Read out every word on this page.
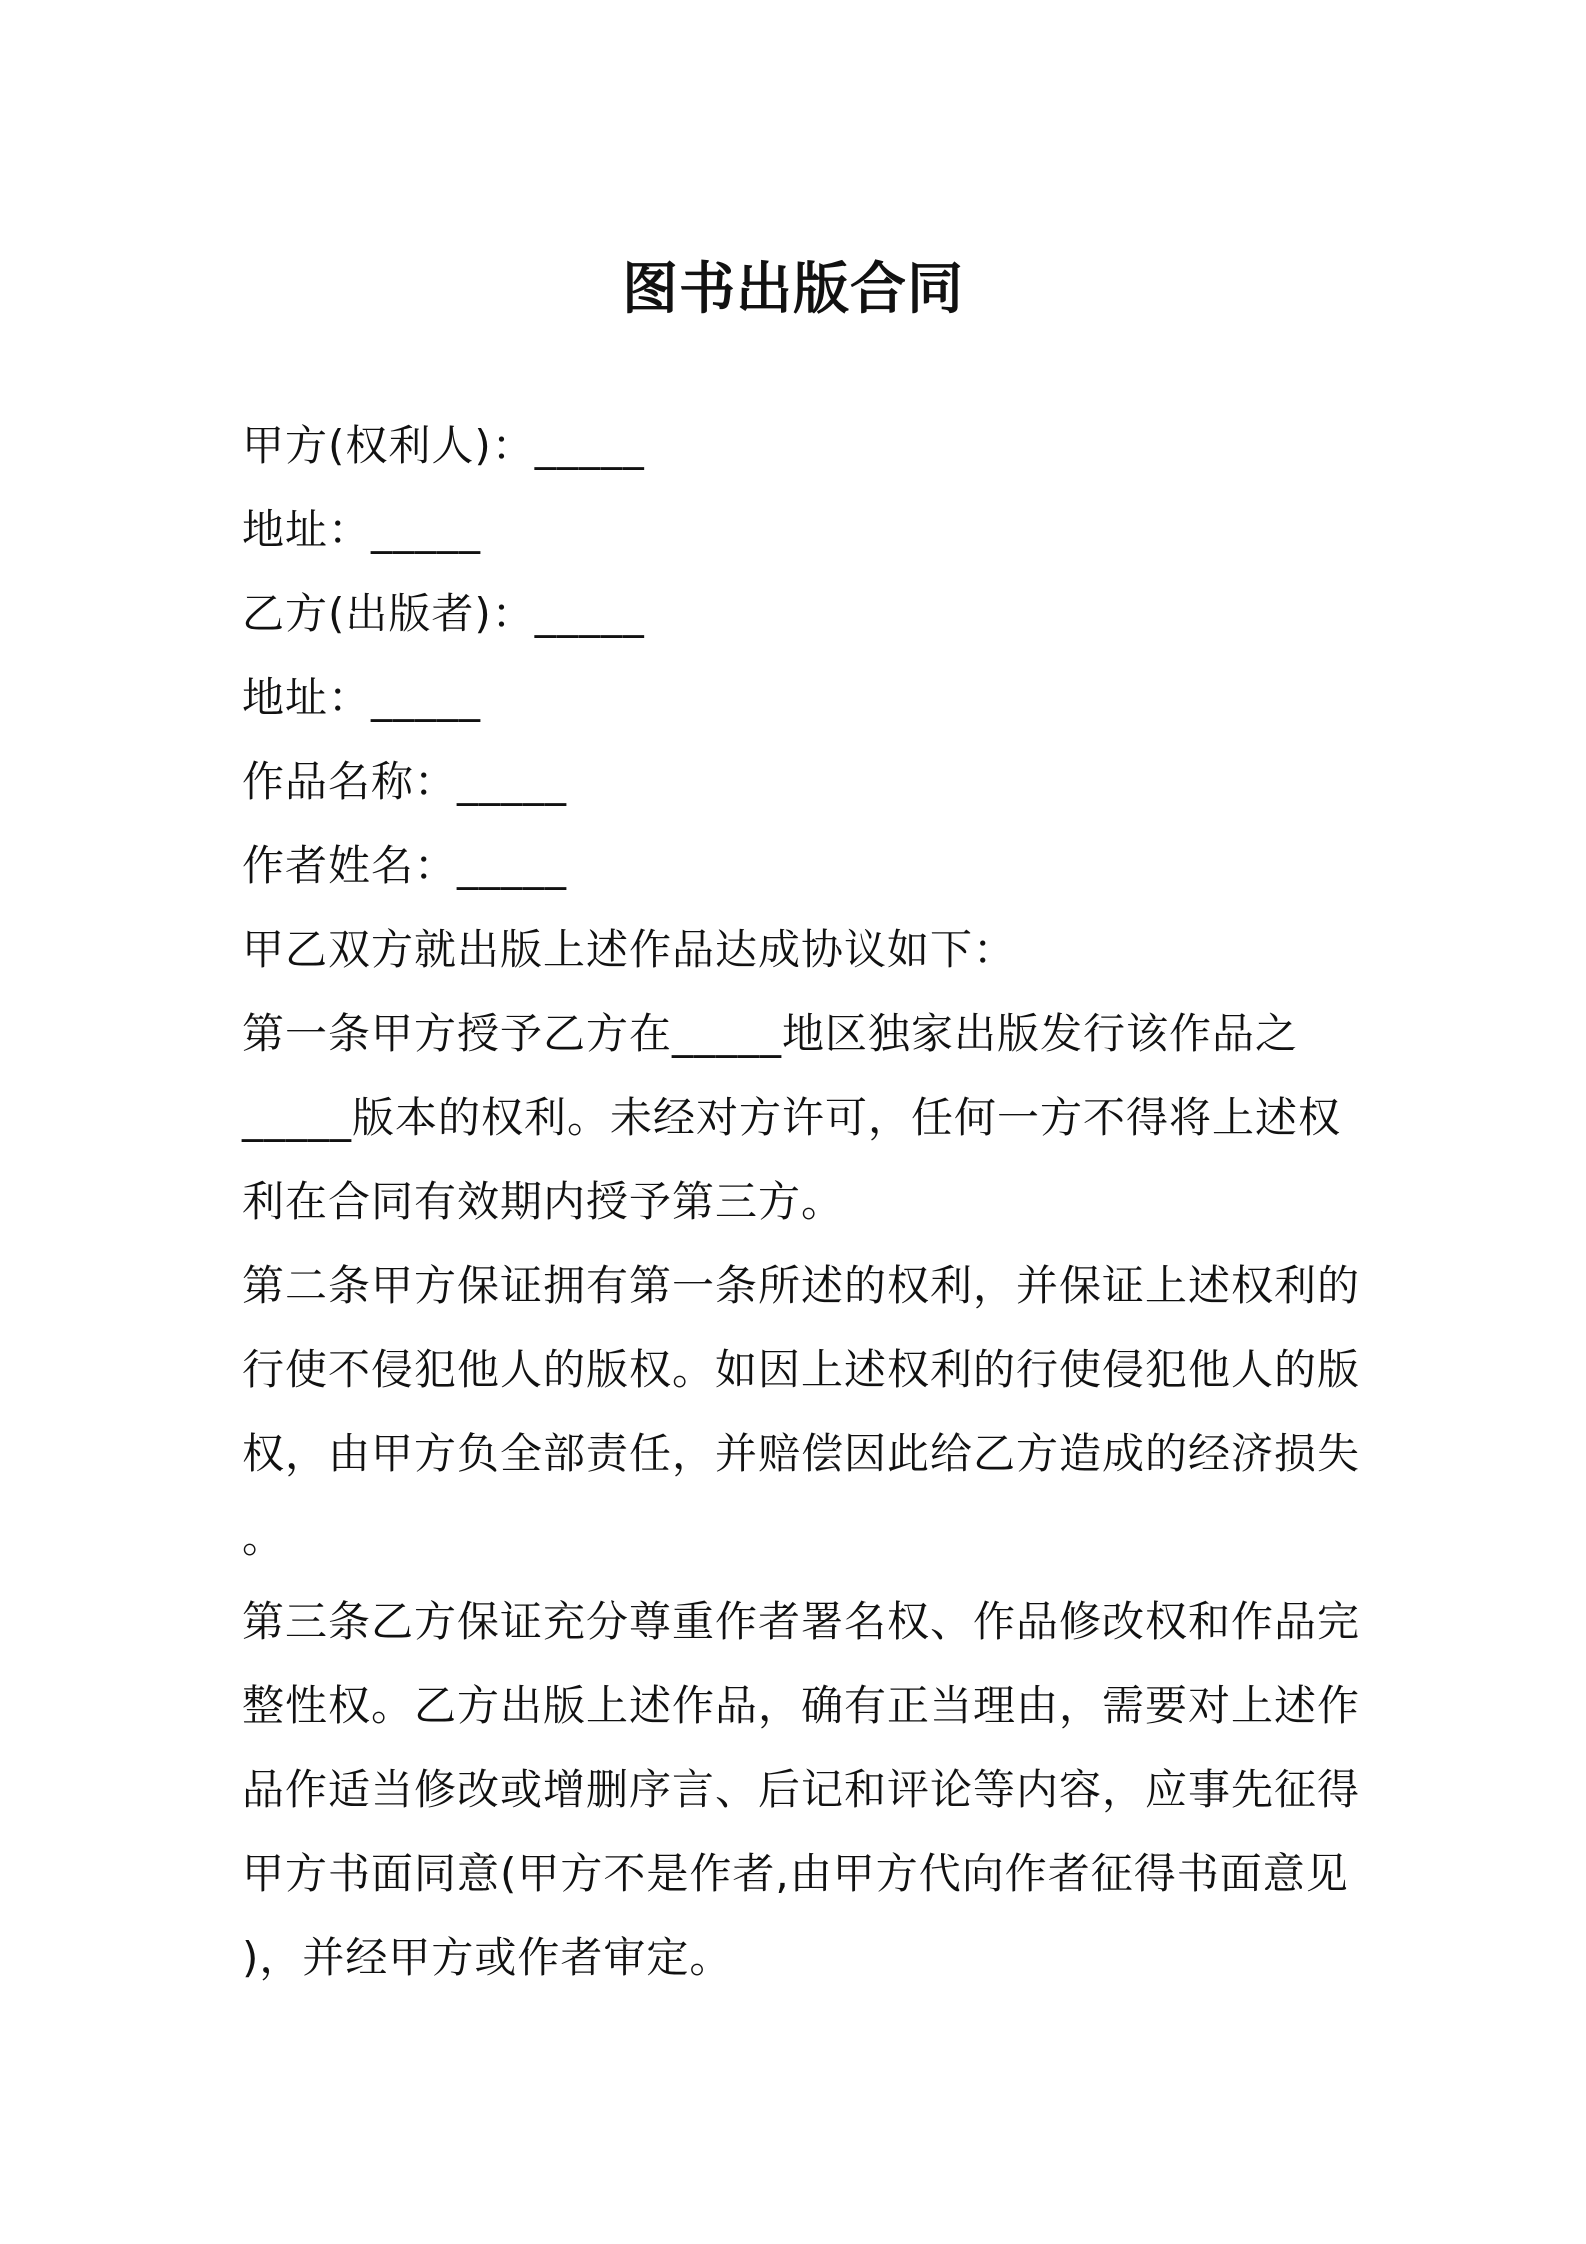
图书出版合同
甲方(权利人)：_____
地址：_____
乙方(出版者)：_____
地址：_____
作品名称：_____
作者姓名：_____
甲乙双方就出版上述作品达成协议如下：
第一条甲方授予乙方在_____地区独家出版发行该作品之
_____版本的权利。未经对方许可，任何一方不得将上述权
利在合同有效期内授予第三方。
第二条甲方保证拥有第一条所述的权利，并保证上述权利的
行使不侵犯他人的版权。如因上述权利的行使侵犯他人的版
权，由甲方负全部责任，并赔偿因此给乙方造成的经济损失
。
第三条乙方保证充分尊重作者署名权、作品修改权和作品完
整性权。乙方出版上述作品，确有正当理由，需要对上述作
品作适当修改或增删序言、后记和评论等内容，应事先征得
甲方书面同意(甲方不是作者,由甲方代向作者征得书面意见
)，并经甲方或作者审定。
